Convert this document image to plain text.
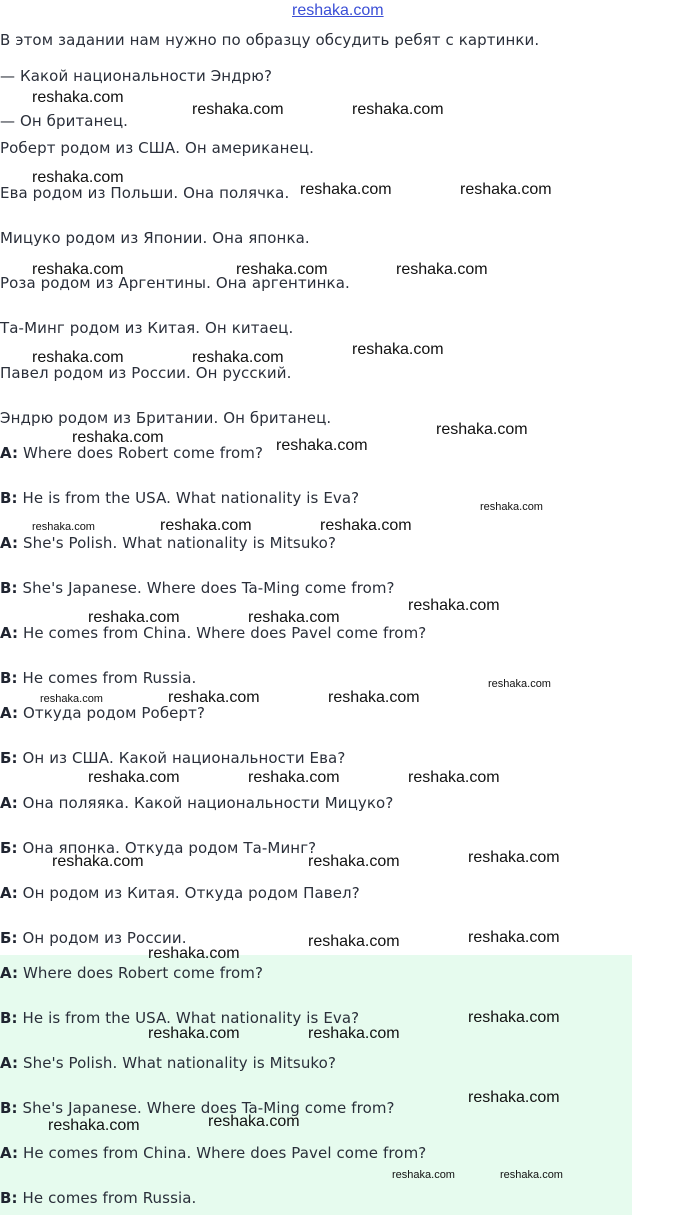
reshaka.com
В этом задании нам нужно по образцу обсудить ребят с картинки.
— Какой национальности Эндрю?
— Он британец.
Роберт родом из США. Он американец.
Ева родом из Польши. Она полячка.
Мицуко родом из Японии. Она японка.
Роза родом из Аргентины. Она аргентинка.
Та-Минг родом из Китая. Он китаец.
Павел родом из России. Он русский.
Эндрю родом из Британии. Он британец.
A: Where does Robert come from?
B: He is from the USA. What nationality is Eva?
A: She's Polish. What nationality is Mitsuko?
B: She's Japanese. Where does Ta-Ming come from?
A: He comes from China. Where does Pavel come from?
B: He comes from Russia.
A: Откуда родом Роберт?
Б: Он из США. Какой национальности Ева?
А: Она поляяка. Какой национальности Мицуко?
Б: Она японка. Откуда родом Та-Минг?
А: Он родом из Китая. Откуда родом Павел?
Б: Он родом из России.
A: Where does Robert come from?
B: He is from the USA. What nationality is Eva?
A: She's Polish. What nationality is Mitsuko?
B: She's Japanese. Where does Ta-Ming come from?
A: He comes from China. Where does Pavel come from?
B: He comes from Russia.
reshaka.com
reshaka.com	reshaka.com
reshaka.com
reshaka.com	reshaka.com
reshaka.com	reshaka.com	reshaka.com
reshaka.com
reshaka.com	reshaka.com
reshaka.com
reshaka.com	reshaka.com
reshaka.com
reshaka.com	reshaka.com	reshaka.com
reshaka.com
reshaka.com	reshaka.com
reshaka.com
reshaka.com	reshaka.com	reshaka.com
reshaka.com	reshaka.com	reshaka.com
reshaka.com
reshaka.com	reshaka.com
reshaka.com
reshaka.com
reshaka.com
reshaka.com
reshaka.com	reshaka.com
reshaka.com
reshaka.com
reshaka.com
reshaka.com	reshaka.com
